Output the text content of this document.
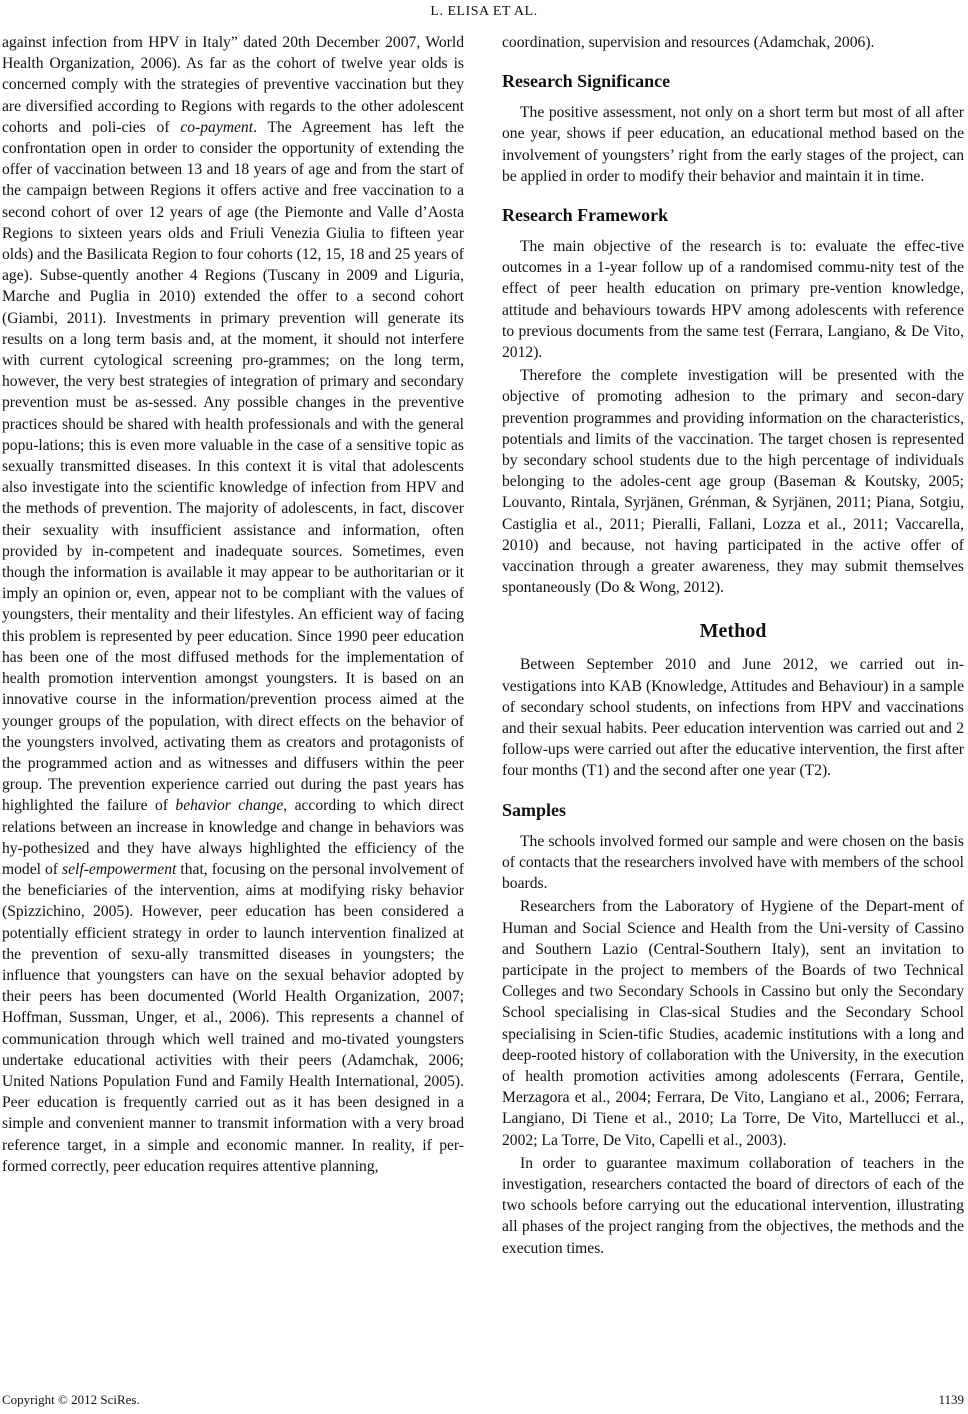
L. ELISA ET AL.

against infection from HPV in Italy” dated 20th December 2007, World Health Organization, 2006). As far as the cohort of twelve year olds is concerned comply with the strategies of preventive vaccination but they are diversified according to Regions with regards to the other adolescent cohorts and poli-cies of co-payment. The Agreement has left the confrontation open in order to consider the opportunity of extending the offer of vaccination between 13 and 18 years of age and from the start of the campaign between Regions it offers active and free vaccination to a second cohort of over 12 years of age (the Piemonte and Valle d’Aosta Regions to sixteen years olds and Friuli Venezia Giulia to fifteen year olds) and the Basilicata Region to four cohorts (12, 15, 18 and 25 years of age). Subse-quently another 4 Regions (Tuscany in 2009 and Liguria, Marche and Puglia in 2010) extended the offer to a second cohort (Giambi, 2011). Investments in primary prevention will generate its results on a long term basis and, at the moment, it should not interfere with current cytological screening pro-grammes; on the long term, however, the very best strategies of integration of primary and secondary prevention must be as-sessed. Any possible changes in the preventive practices should be shared with health professionals and with the general popu-lations; this is even more valuable in the case of a sensitive topic as sexually transmitted diseases. In this context it is vital that adolescents also investigate into the scientific knowledge of infection from HPV and the methods of prevention. The majority of adolescents, in fact, discover their sexuality with insufficient assistance and information, often provided by in-competent and inadequate sources. Sometimes, even though the information is available it may appear to be authoritarian or it imply an opinion or, even, appear not to be compliant with the values of youngsters, their mentality and their lifestyles. An efficient way of facing this problem is represented by peer education. Since 1990 peer education has been one of the most diffused methods for the implementation of health promotion intervention amongst youngsters. It is based on an innovative course in the information/prevention process aimed at the younger groups of the population, with direct effects on the behavior of the youngsters involved, activating them as creators and protagonists of the programmed action and as witnesses and diffusers within the peer group. The prevention experience carried out during the past years has highlighted the failure of behavior change, according to which direct relations between an increase in knowledge and change in behaviors was hy-pothesized and they have always highlighted the efficiency of the model of self-empowerment that, focusing on the personal involvement of the beneficiaries of the intervention, aims at modifying risky behavior (Spizzichino, 2005). However, peer education has been considered a potentially efficient strategy in order to launch intervention finalized at the prevention of sexu-ally transmitted diseases in youngsters; the influence that youngsters can have on the sexual behavior adopted by their peers has been documented (World Health Organization, 2007; Hoffman, Sussman, Unger, et al., 2006). This represents a channel of communication through which well trained and mo-tivated youngsters undertake educational activities with their peers (Adamchak, 2006; United Nations Population Fund and Family Health International, 2005). Peer education is frequently carried out as it has been designed in a simple and convenient manner to transmit information with a very broad reference target, in a simple and economic manner. In reality, if per-formed correctly, peer education requires attentive planning,

coordination, supervision and resources (Adamchak, 2006).

Research Significance

The positive assessment, not only on a short term but most of all after one year, shows if peer education, an educational method based on the involvement of youngsters’ right from the early stages of the project, can be applied in order to modify their behavior and maintain it in time.

Research Framework

The main objective of the research is to: evaluate the effec-tive outcomes in a 1-year follow up of a randomised commu-nity test of the effect of peer health education on primary pre-vention knowledge, attitude and behaviours towards HPV among adolescents with reference to previous documents from the same test (Ferrara, Langiano, & De Vito, 2012).

Therefore the complete investigation will be presented with the objective of promoting adhesion to the primary and secon-dary prevention programmes and providing information on the characteristics, potentials and limits of the vaccination. The target chosen is represented by secondary school students due to the high percentage of individuals belonging to the adoles-cent age group (Baseman & Koutsky, 2005; Louvanto, Rintala, Syrjänen, Grénman, & Syrjänen, 2011; Piana, Sotgiu, Castiglia et al., 2011; Pieralli, Fallani, Lozza et al., 2011; Vaccarella, 2010) and because, not having participated in the active offer of vaccination through a greater awareness, they may submit themselves spontaneously (Do & Wong, 2012).

Method

Between September 2010 and June 2012, we carried out in-vestigations into KAB (Knowledge, Attitudes and Behaviour) in a sample of secondary school students, on infections from HPV and vaccinations and their sexual habits. Peer education intervention was carried out and 2 follow-ups were carried out after the educative intervention, the first after four months (T1) and the second after one year (T2).

Samples

The schools involved formed our sample and were chosen on the basis of contacts that the researchers involved have with members of the school boards.

Researchers from the Laboratory of Hygiene of the Depart-ment of Human and Social Science and Health from the Uni-versity of Cassino and Southern Lazio (Central-Southern Italy), sent an invitation to participate in the project to members of the Boards of two Technical Colleges and two Secondary Schools in Cassino but only the Secondary School specialising in Clas-sical Studies and the Secondary School specialising in Scien-tific Studies, academic institutions with a long and deep-rooted history of collaboration with the University, in the execution of health promotion activities among adolescents (Ferrara, Gentile, Merzagora et al., 2004; Ferrara, De Vito, Langiano et al., 2006; Ferrara, Langiano, Di Tiene et al., 2010; La Torre, De Vito, Martellucci et al., 2002; La Torre, De Vito, Capelli et al., 2003).

In order to guarantee maximum collaboration of teachers in the investigation, researchers contacted the board of directors of each of the two schools before carrying out the educational intervention, illustrating all phases of the project ranging from the objectives, the methods and the execution times.

Copyright © 2012 SciRes.	1139
